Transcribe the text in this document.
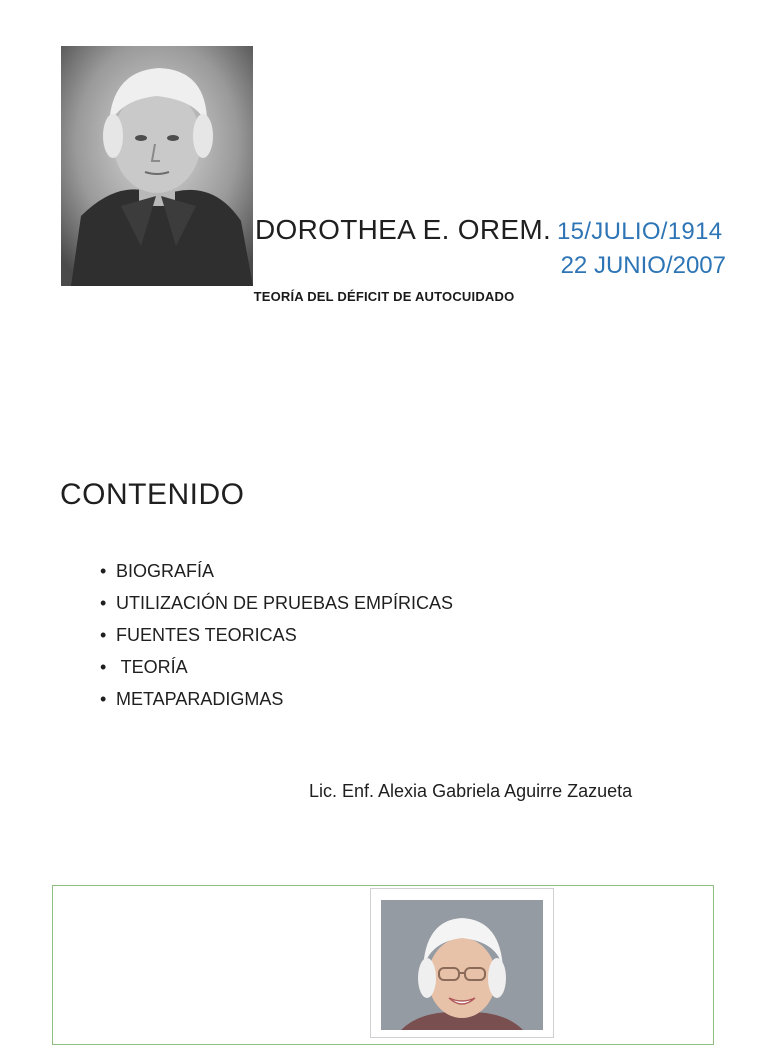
DOROTHEA E. OREM. 15/JULIO/1914
22 JUNIO/2007
TEORÍA DEL DÉFICIT DE AUTOCUIDADO
CONTENIDO
• BIOGRAFÍA
• UTILIZACIÓN DE PRUEBAS EMPÍRICAS
• FUENTES TEORICAS
• TEORÍA
• METAPARADIGMAS
Lic. Enf. Alexia Gabriela Aguirre Zazueta
